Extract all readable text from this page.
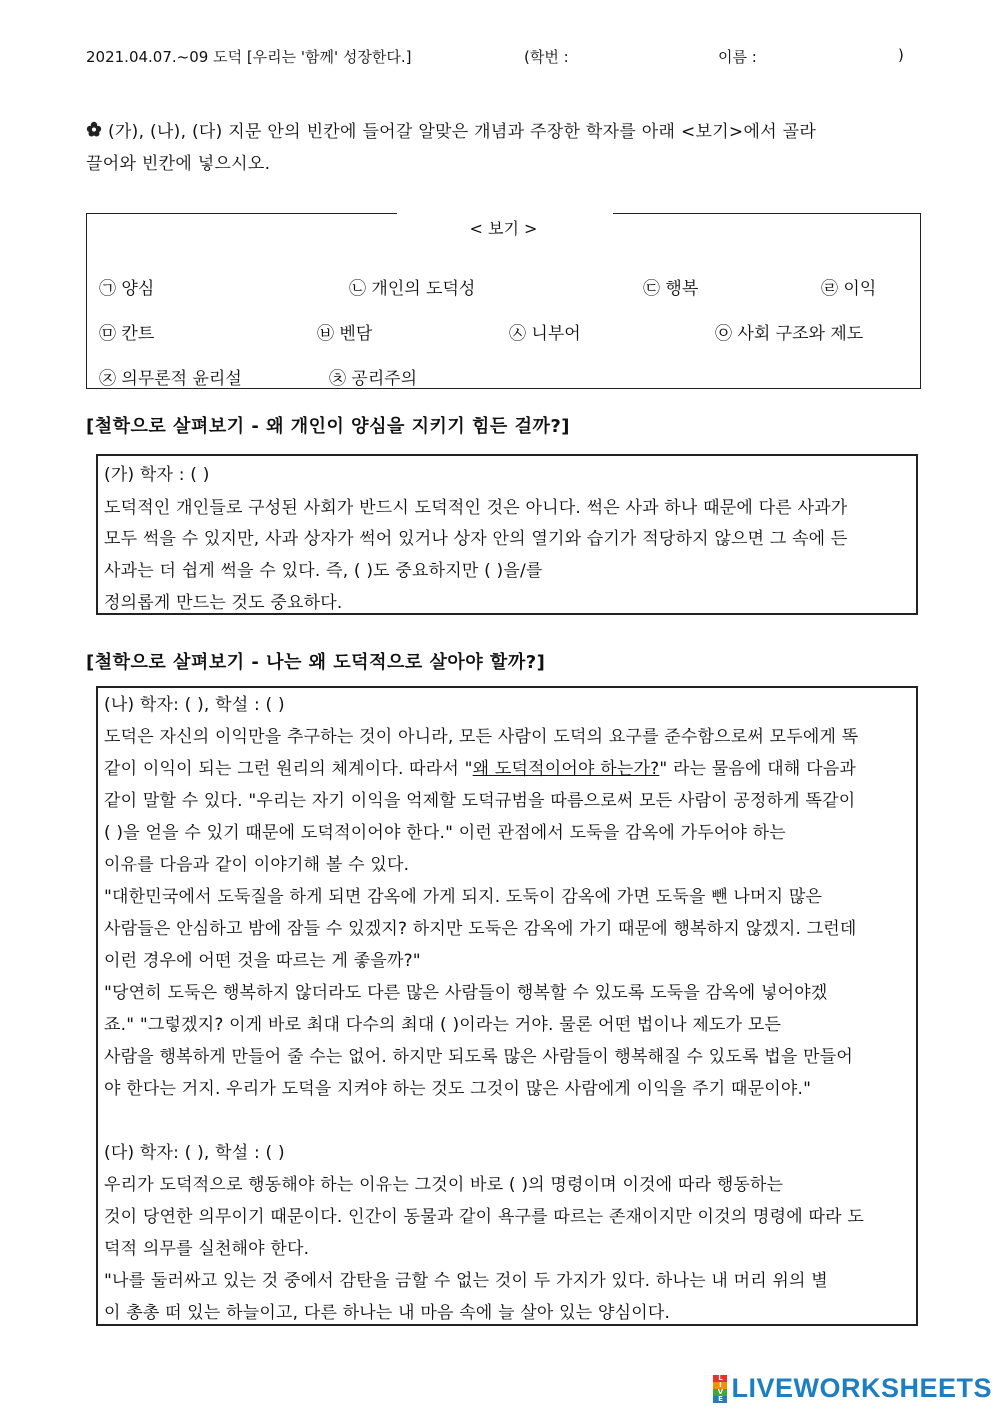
2021.04.07.~09 도덕 [우리는 '함께' 성장한다.]	(학번 :	이름 :	)
(가), (나), (다) 지문 안의 빈칸에 들어갈 알맞은 개념과 주장한 학자를 아래 <보기>에서 골라
끌어와 빈칸에 넣으시오.
< 보기 >
㉠ 양심	㉡ 개인의 도덕성	㉢ 행복	㉣ 이익
㉤ 칸트	㉥ 벤담	㉦ 니부어	㉧ 사회 구조와 제도
㉨ 의무론적 윤리설	㉩ 공리주의
[철학으로 살펴보기 - 왜 개인이 양심을 지키기 힘든 걸까?]
(가) 학자 : ( )
도덕적인 개인들로 구성된 사회가 반드시 도덕적인 것은 아니다. 썩은 사과 하나 때문에 다른 사과가
모두 썩을 수 있지만, 사과 상자가 썩어 있거나 상자 안의 열기와 습기가 적당하지 않으면 그 속에 든
사과는 더 쉽게 썩을 수 있다. 즉, ( )도 중요하지만 ( )을/를
정의롭게 만드는 것도 중요하다.
[철학으로 살펴보기 - 나는 왜 도덕적으로 살아야 할까?]
(나) 학자: ( ), 학설 : ( )
도덕은 자신의 이익만을 추구하는 것이 아니라, 모든 사람이 도덕의 요구를 준수함으로써 모두에게 똑
같이 이익이 되는 그런 원리의 체계이다. 따라서 "왜 도덕적이어야 하는가?" 라는 물음에 대해 다음과
같이 말할 수 있다. "우리는 자기 이익을 억제할 도덕규범을 따름으로써 모든 사람이 공정하게 똑같이
( )을 얻을 수 있기 때문에 도덕적이어야 한다." 이런 관점에서 도둑을 감옥에 가두어야 하는
이유를 다음과 같이 이야기해 볼 수 있다.
"대한민국에서 도둑질을 하게 되면 감옥에 가게 되지. 도둑이 감옥에 가면 도둑을 뺀 나머지 많은
사람들은 안심하고 밤에 잠들 수 있겠지? 하지만 도둑은 감옥에 가기 때문에 행복하지 않겠지. 그런데
이런 경우에 어떤 것을 따르는 게 좋을까?"
"당연히 도둑은 행복하지 않더라도 다른 많은 사람들이 행복할 수 있도록 도둑을 감옥에 넣어야겠
죠." "그렇겠지? 이게 바로 최대 다수의 최대 ( )이라는 거야. 물론 어떤 법이나 제도가 모든
사람을 행복하게 만들어 줄 수는 없어. 하지만 되도록 많은 사람들이 행복해질 수 있도록 법을 만들어
야 한다는 거지. 우리가 도덕을 지켜야 하는 것도 그것이 많은 사람에게 이익을 주기 때문이야."
(다) 학자: ( ), 학설 : ( )
우리가 도덕적으로 행동해야 하는 이유는 그것이 바로 ( )의 명령이며 이것에 따라 행동하는
것이 당연한 의무이기 때문이다. 인간이 동물과 같이 욕구를 따르는 존재이지만 이것의 명령에 따라 도
덕적 의무를 실천해야 한다.
"나를 둘러싸고 있는 것 중에서 감탄을 금할 수 없는 것이 두 가지가 있다. 하나는 내 머리 위의 별
이 총총 떠 있는 하늘이고, 다른 하나는 내 마음 속에 늘 살아 있는 양심이다.
L
I
V
E LIVEWORKSHEETS
